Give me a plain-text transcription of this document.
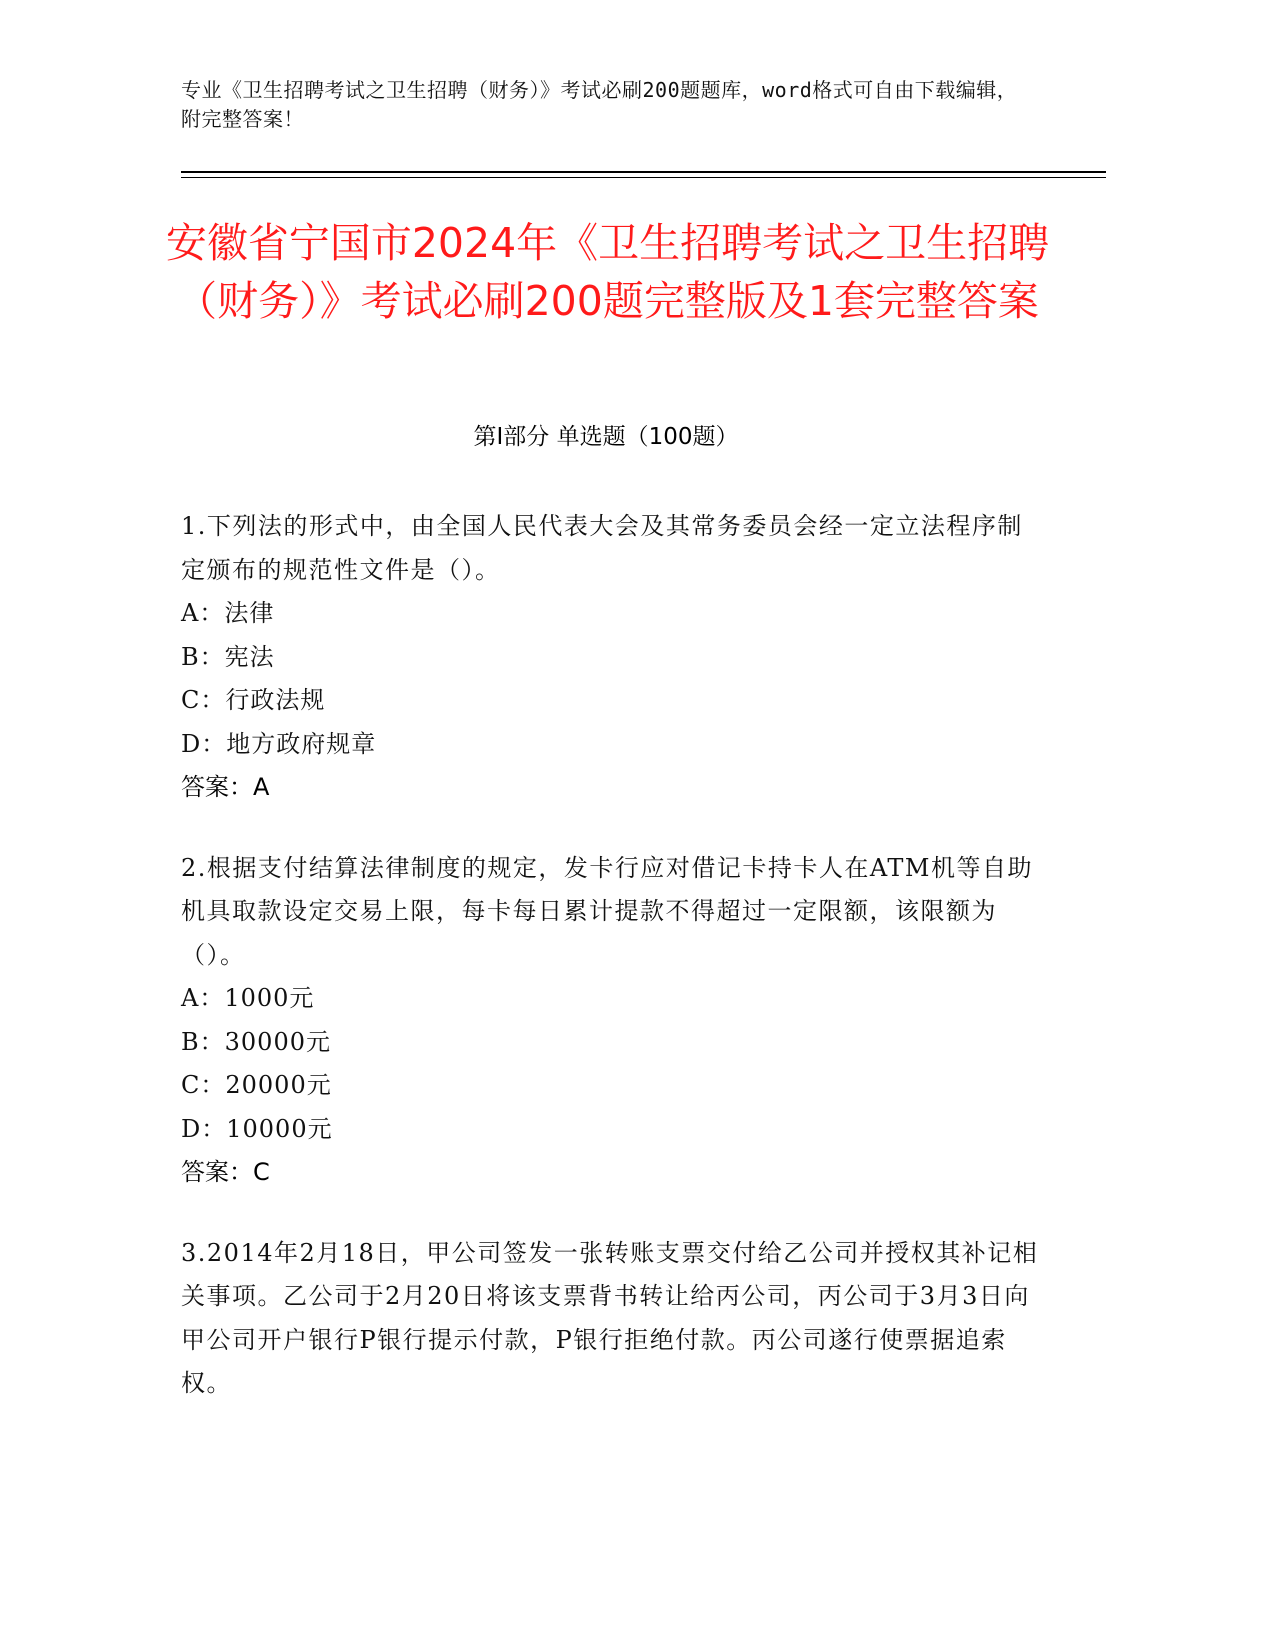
专业《卫生招聘考试之卫生招聘（财务）》考试必刷200题题库，word格式可自由下载编辑，附完整答案！
安徽省宁国市2024年《卫生招聘考试之卫生招聘（财务）》考试必刷200题完整版及1套完整答案
第I部分 单选题（100题）
1.下列法的形式中，由全国人民代表大会及其常务委员会经一定立法程序制定颁布的规范性文件是（）。
A：法律
B：宪法
C：行政法规
D：地方政府规章
答案：A
2.根据支付结算法律制度的规定，发卡行应对借记卡持卡人在ATM机等自助机具取款设定交易上限，每卡每日累计提款不得超过一定限额，该限额为（）。
A：1000元
B：30000元
C：20000元
D：10000元
答案：C
3.2014年2月18日，甲公司签发一张转账支票交付给乙公司并授权其补记相关事项。乙公司于2月20日将该支票背书转让给丙公司，丙公司于3月3日向甲公司开户银行P银行提示付款，P银行拒绝付款。丙公司遂行使票据追索权。
